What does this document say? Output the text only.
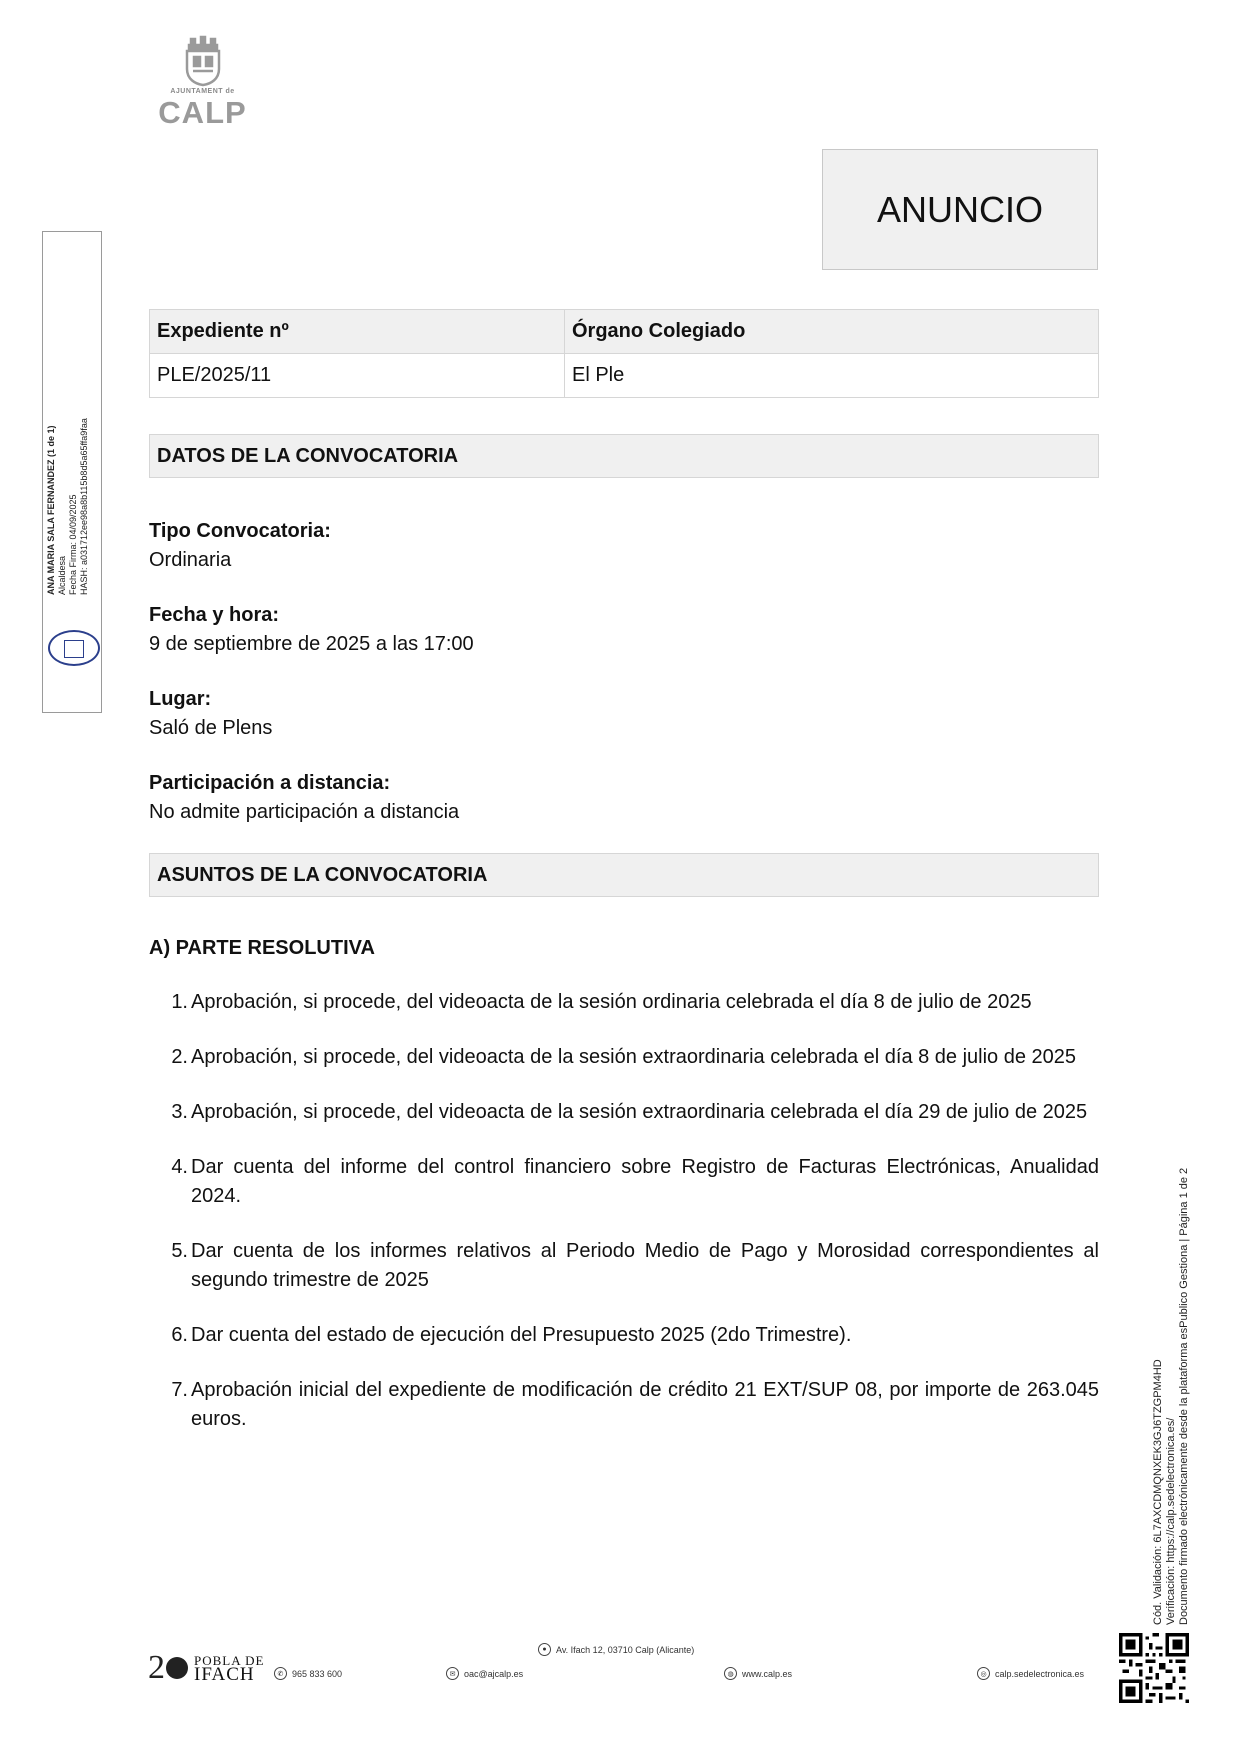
AJUNTAMENT de
CALP
ANUNCIO
Expediente nº	Órgano Colegiado
PLE/2025/11	El Ple
DATOS DE LA CONVOCATORIA
Tipo Convocatoria:
Ordinaria
Fecha y hora:
9 de septiembre de 2025 a las 17:00
Lugar:
Saló de Plens
Participación a distancia:
No admite participación a distancia
ASUNTOS DE LA CONVOCATORIA
A) PARTE RESOLUTIVA
1. Aprobación, si procede, del videoacta de la sesión ordinaria celebrada el día 8 de julio de 2025
2. Aprobación, si procede, del videoacta de la sesión extraordinaria celebrada el día 8 de julio de 2025
3. Aprobación, si procede, del videoacta de la sesión extraordinaria celebrada el día 29 de julio de 2025
4. Dar cuenta del informe del control financiero sobre Registro de Facturas Electrónicas, Anualidad 2024.
5. Dar cuenta de los informes relativos al Periodo Medio de Pago y Morosidad correspondientes al segundo trimestre de 2025
6. Dar cuenta del estado de ejecución del Presupuesto 2025 (2do Trimestre).
7. Aprobación inicial del expediente de modificación de crédito 21 EXT/SUP 08, por importe de 263.045 euros.
ANA MARIA SALA FERNANDEZ (1 de 1) Alcaldesa Fecha Firma: 04/09/2025 HASH: a031712ee98a8b115b8d5a65ffa9faa
Cód. Validación: 6L7AXCDMQNXEK3GJ6TZGPM4HD Verificación: https://calp.sedelectronica.es/ Documento firmado electrónicamente desde la plataforma esPublico Gestiona | Página 1 de 2
2 POBLA DE
IFACH	✆ 965 833 600
●	Av. Ifach 12, 03710 Calp (Alicante)
✉ oac@ajcalp.es	◍ www.calp.es	◎ calp.sedelectronica.es
